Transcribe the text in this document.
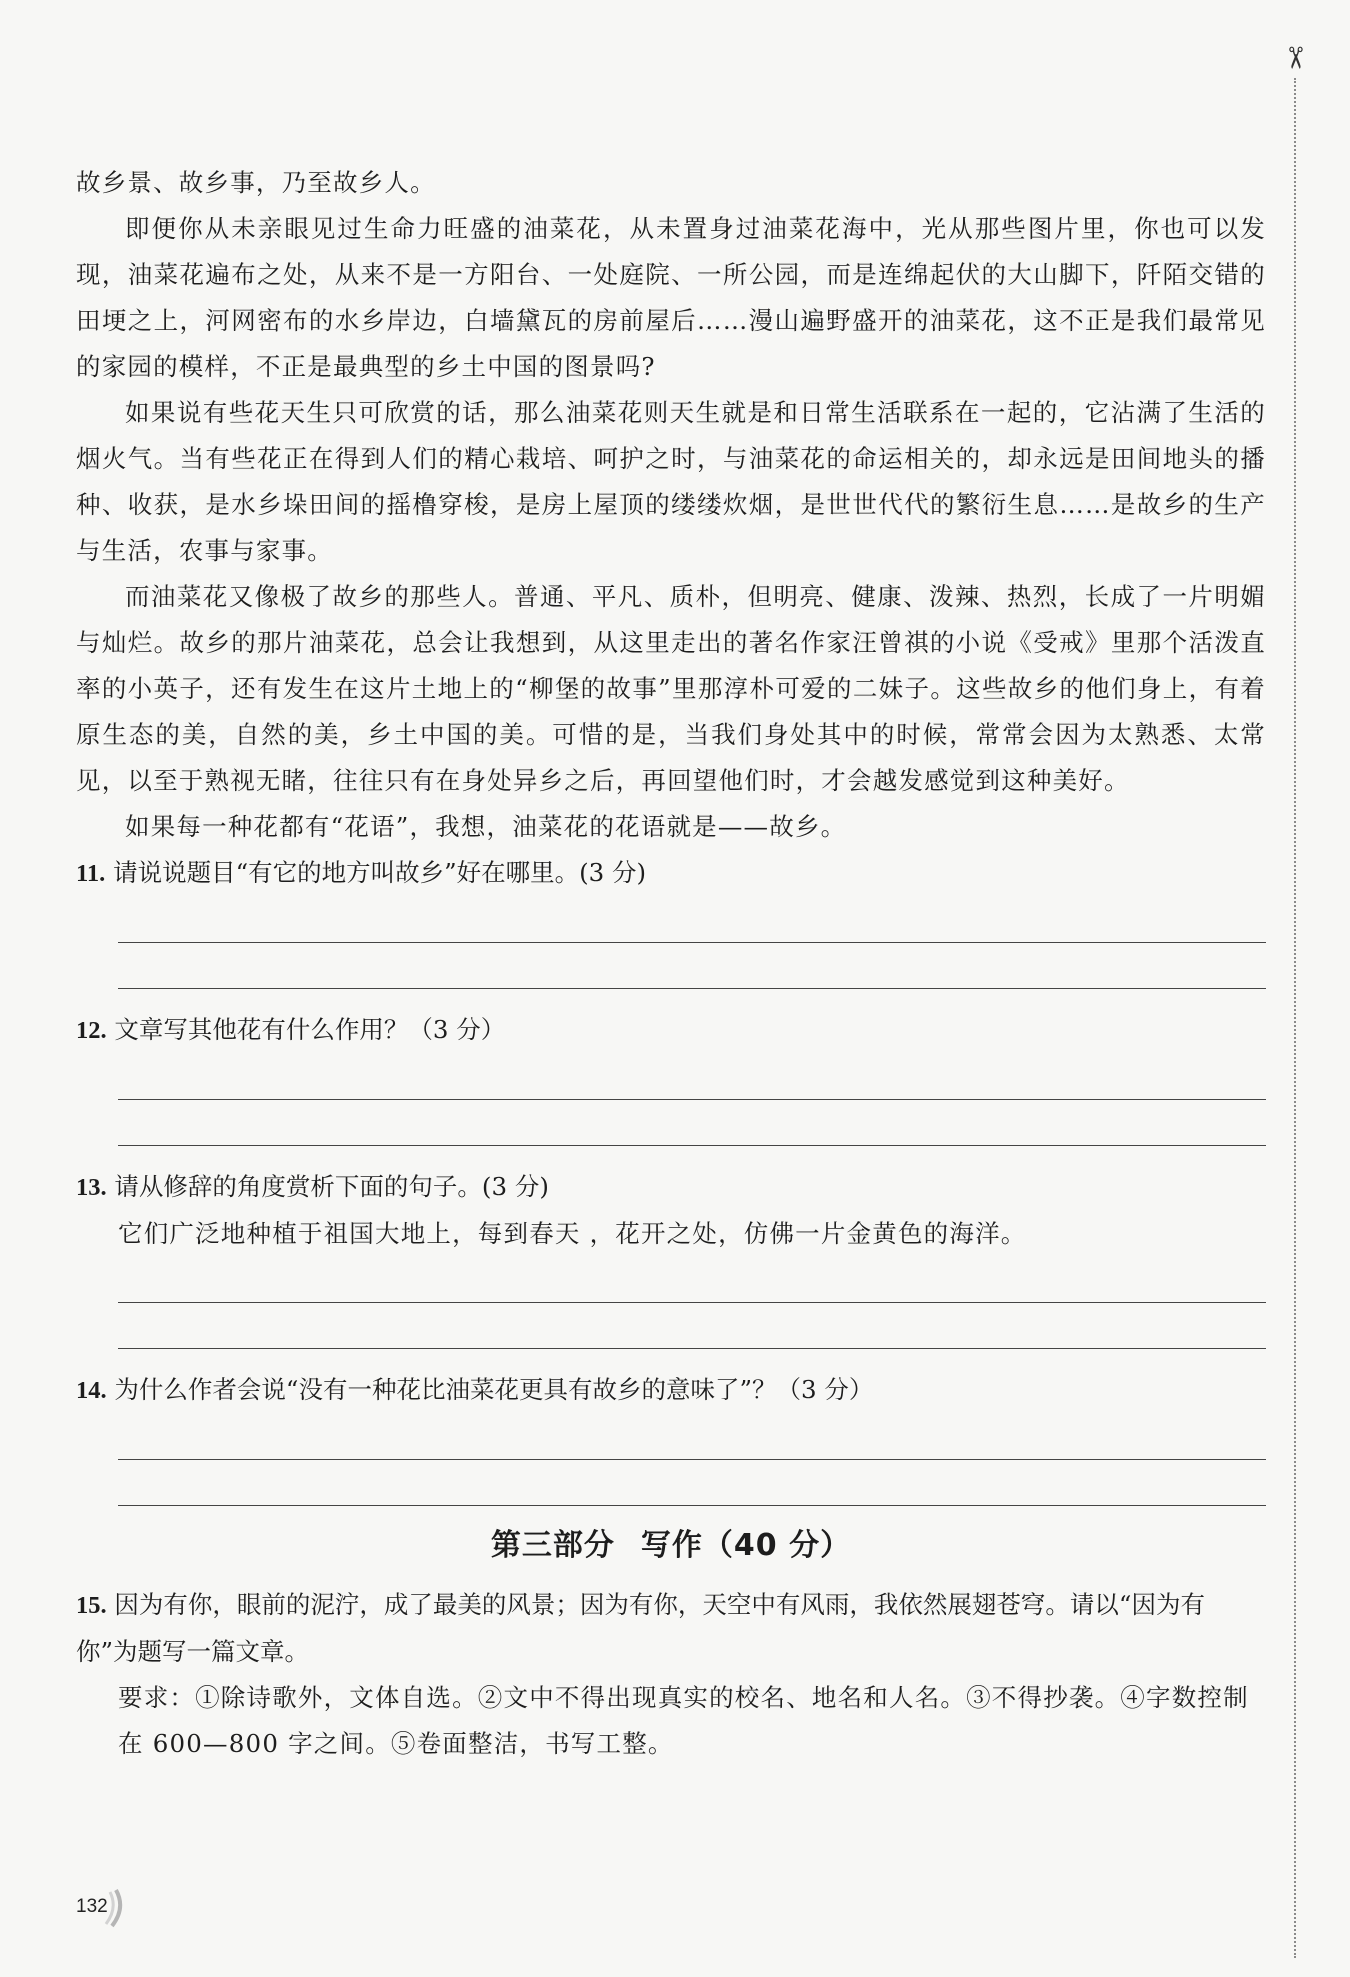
✂

故乡景、故乡事，乃至故乡人。

即便你从未亲眼见过生命力旺盛的油菜花，从未置身过油菜花海中，光从那些图片里，你也可以发现，油菜花遍布之处，从来不是一方阳台、一处庭院、一所公园，而是连绵起伏的大山脚下，阡陌交错的田埂之上，河网密布的水乡岸边，白墙黛瓦的房前屋后……漫山遍野盛开的油菜花，这不正是我们最常见的家园的模样，不正是最典型的乡土中国的图景吗?

如果说有些花天生只可欣赏的话，那么油菜花则天生就是和日常生活联系在一起的，它沾满了生活的烟火气。当有些花正在得到人们的精心栽培、呵护之时，与油菜花的命运相关的，却永远是田间地头的播种、收获，是水乡垛田间的摇橹穿梭，是房上屋顶的缕缕炊烟，是世世代代的繁衍生息……是故乡的生产与生活，农事与家事。

而油菜花又像极了故乡的那些人。普通、平凡、质朴，但明亮、健康、泼辣、热烈，长成了一片明媚与灿烂。故乡的那片油菜花，总会让我想到，从这里走出的著名作家汪曾祺的小说《受戒》里那个活泼直率的小英子，还有发生在这片土地上的“柳堡的故事”里那淳朴可爱的二妹子。这些故乡的他们身上，有着原生态的美，自然的美，乡土中国的美。可惜的是，当我们身处其中的时候，常常会因为太熟悉、太常见，以至于熟视无睹，往往只有在身处异乡之后，再回望他们时，才会越发感觉到这种美好。

如果每一种花都有“花语”，我想，油菜花的花语就是——故乡。

11. 请说说题目“有它的地方叫故乡”好在哪里。(3 分)

12. 文章写其他花有什么作用？（3 分）

13. 请从修辞的角度赏析下面的句子。(3 分)

它们广泛地种植于祖国大地上，每到春天 ，花开之处，仿佛一片金黄色的海洋。

14. 为什么作者会说“没有一种花比油菜花更具有故乡的意味了”？（3 分）

第三部分 写作（40 分）

15. 因为有你，眼前的泥泞，成了最美的风景；因为有你，天空中有风雨，我依然展翅苍穹。请以“因为有你”为题写一篇文章。

要求：①除诗歌外，文体自选。②文中不得出现真实的校名、地名和人名。③不得抄袭。④字数控制在 600—800 字之间。⑤卷面整洁，书写工整。

132
